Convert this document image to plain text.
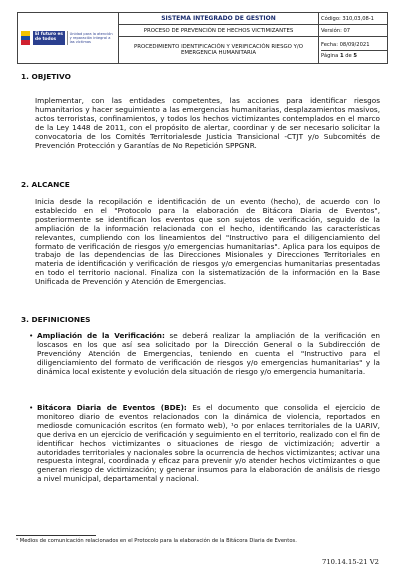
El futuro es de todos
Unidad para la atención y reparación integral a las víctimas	SISTEMA INTEGRADO DE GESTION	Código: 310,03,08-1
	PROCESO DE PREVENCIÓN DE HECHOS VICTIMIZANTES	Versión: 07
	PROCEDIMIENTO IDENTIFICACIÓN Y VERIFICACIÓN RIESGO Y/O EMERGENCIA HUMANITARIA	Fecha: 08/09/2021
Página 1 de 5
1. OBJETIVO
Implementar, con las entidades competentes, las acciones para identificar riesgos humanitarios y hacer seguimiento a las emergencias humanitarias, desplazamientos masivos, actos terroristas, confinamientos, y todos los hechos victimizantes contemplados en el marco de la Ley 1448 de 2011, con el propósito de alertar, coordinar y de ser necesario solicitar la convocatoria de los Comités Territorialesde Justicia Transicional -CTJT y/o Subcomités de Prevención Protección y Garantías de No Repetición SPPGNR.
2. ALCANCE
Inicia desde la recopilación e identificación de un evento (hecho), de acuerdo con lo establecido en el "Protocolo para la elaboración de Bitácora Diaria de Eventos", posteriormente se identifican los eventos que son sujetos de verificación, seguido de la ampliación de la información relacionada con el hecho, identificando las características relevantes, cumpliendo con los lineamientos del "Instructivo para el diligenciamiento del formato de verificación de riesgos y/o emergencias humanitarias". Aplica para los equipos de trabajo de las dependencias de las Direcciones Misionales y Direcciones Territoriales en materia de identificación y verificación de riesgos y/o emergencias humanitarias presentadas en todo el territorio nacional. Finaliza con la sistematización de la información en la Base Unificada de Prevención y Atención de Emergencias.
3. DEFINICIONES
• Ampliación de la Verificación: se deberá realizar la ampliación de la verificación en loscasos en los que así sea solicitado por la Dirección General o la Subdirección de Prevencióny Atención de Emergencias, teniendo en cuenta el "Instructivo para el diligenciamiento del formato de verificación de riesgos y/o emergencias humanitarias" y la dinámica local existente y evolución dela situación de riesgo y/o emergencia humanitaria.
• Bitácora Diaria de Eventos (BDE): Es el documento que consolida el ejercicio de monitoreo diario de eventos relacionados con la dinámica de violencia, reportados en mediosde comunicación escritos (en formato web), ¹o por enlaces territoriales de la UARIV, que deriva en un ejercicio de verificación y seguimiento en el territorio, realizado con el fin de identificar hechos victimizantes o situaciones de riesgo de victimización; advertir a autoridades territoriales y nacionales sobre la ocurrencia de hechos victimizantes; activar una respuesta integral, coordinada y eficaz para prevenir y/o atender hechos victimizantes o que generan riesgo de victimización; y generar insumos para la elaboración de análisis de riesgo a nivel municipal, departamental y nacional.
¹ Medios de comunicación relacionados en el Protocolo para la elaboración de la Bitácora Diaria de Eventos.
710.14.15-21 V2
